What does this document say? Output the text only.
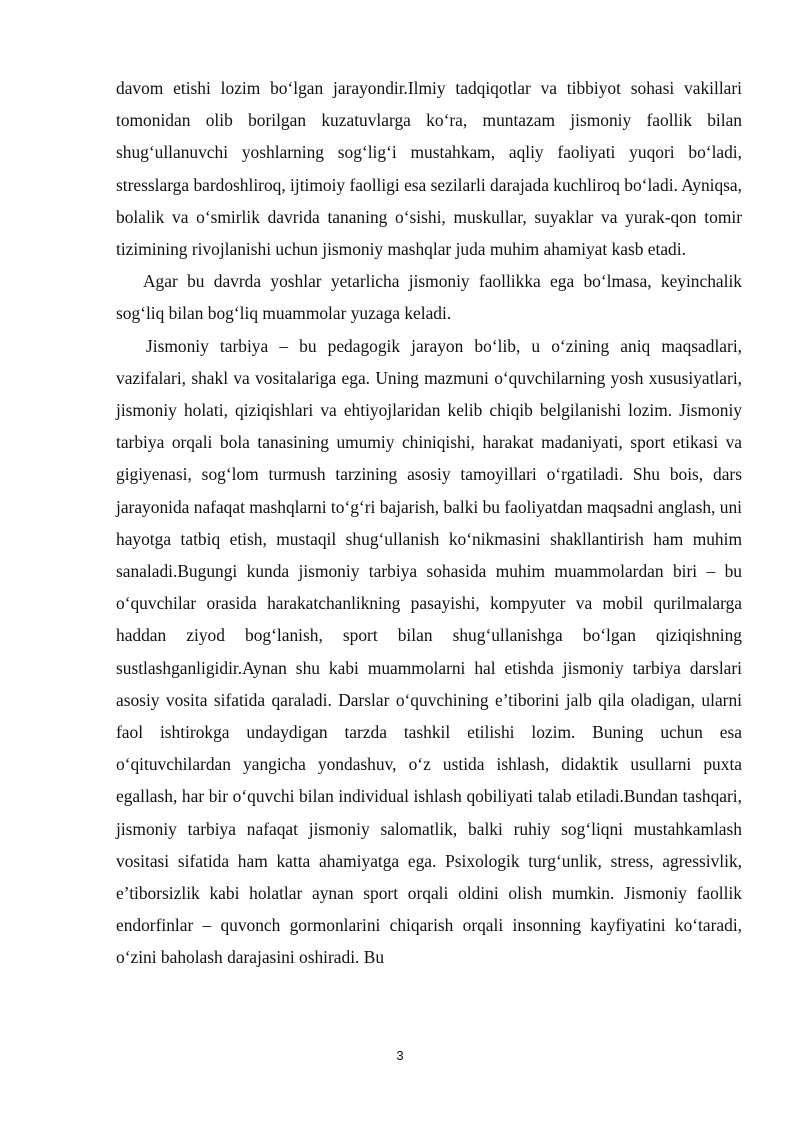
davom etishi lozim bo‘lgan jarayondir.Ilmiy tadqiqotlar va tibbiyot sohasi vakillari tomonidan olib borilgan kuzatuvlarga ko‘ra, muntazam jismoniy faollik bilan shug‘ullanuvchi yoshlarning sog‘lig‘i mustahkam, aqliy faoliyati yuqori bo‘ladi, stresslarga bardoshliroq, ijtimoiy faolligi esa sezilarli darajada kuchliroq bo‘ladi. Ayniqsa, bolalik va o‘smirlik davrida tananing o‘sishi, muskullar, suyaklar va yurak-qon tomir tizimining rivojlanishi uchun jismoniy mashqlar juda muhim ahamiyat kasb etadi.

Agar bu davrda yoshlar yetarlicha jismoniy faollikka ega bo‘lmasa, keyinchalik sog‘liq bilan bog‘liq muammolar yuzaga keladi.

Jismoniy tarbiya – bu pedagogik jarayon bo‘lib, u o‘zining aniq maqsadlari, vazifalari, shakl va vositalariga ega. Uning mazmuni o‘quvchilarning yosh xususiyatlari, jismoniy holati, qiziqishlari va ehtiyojlaridan kelib chiqib belgilanishi lozim. Jismoniy tarbiya orqali bola tanasining umumiy chiniqishi, harakat madaniyati, sport etikasi va gigiyenasi, sog‘lom turmush tarzining asosiy tamoyillari o‘rgatiladi. Shu bois, dars jarayonida nafaqat mashqlarni to‘g‘ri bajarish, balki bu faoliyatdan maqsadni anglash, uni hayotga tatbiq etish, mustaqil shug‘ullanish ko‘nikmasini shakllantirish ham muhim sanaladi.Bugungi kunda jismoniy tarbiya sohasida muhim muammolardan biri – bu o‘quvchilar orasida harakatchanlikning pasayishi, kompyuter va mobil qurilmalarga haddan ziyod bog‘lanish, sport bilan shug‘ullanishga bo‘lgan qiziqishning sustlashganligidir.Aynan shu kabi muammolarni hal etishda jismoniy tarbiya darslari asosiy vosita sifatida qaraladi. Darslar o‘quvchining e’tiborini jalb qila oladigan, ularni faol ishtirokga undaydigan tarzda tashkil etilishi lozim. Buning uchun esa o‘qituvchilardan yangicha yondashuv, o‘z ustida ishlash, didaktik usullarni puxta egallash, har bir o‘quvchi bilan individual ishlash qobiliyati talab etiladi.Bundan tashqari, jismoniy tarbiya nafaqat jismoniy salomatlik, balki ruhiy sog‘liqni mustahkamlash vositasi sifatida ham katta ahamiyatga ega. Psixologik turg‘unlik, stress, agressivlik, e’tiborsizlik kabi holatlar aynan sport orqali oldini olish mumkin. Jismoniy faollik endorfinlar – quvonch gormonlarini chiqarish orqali insonning kayfiyatini ko‘taradi, o‘zini baholash darajasini oshiradi. Bu

3
